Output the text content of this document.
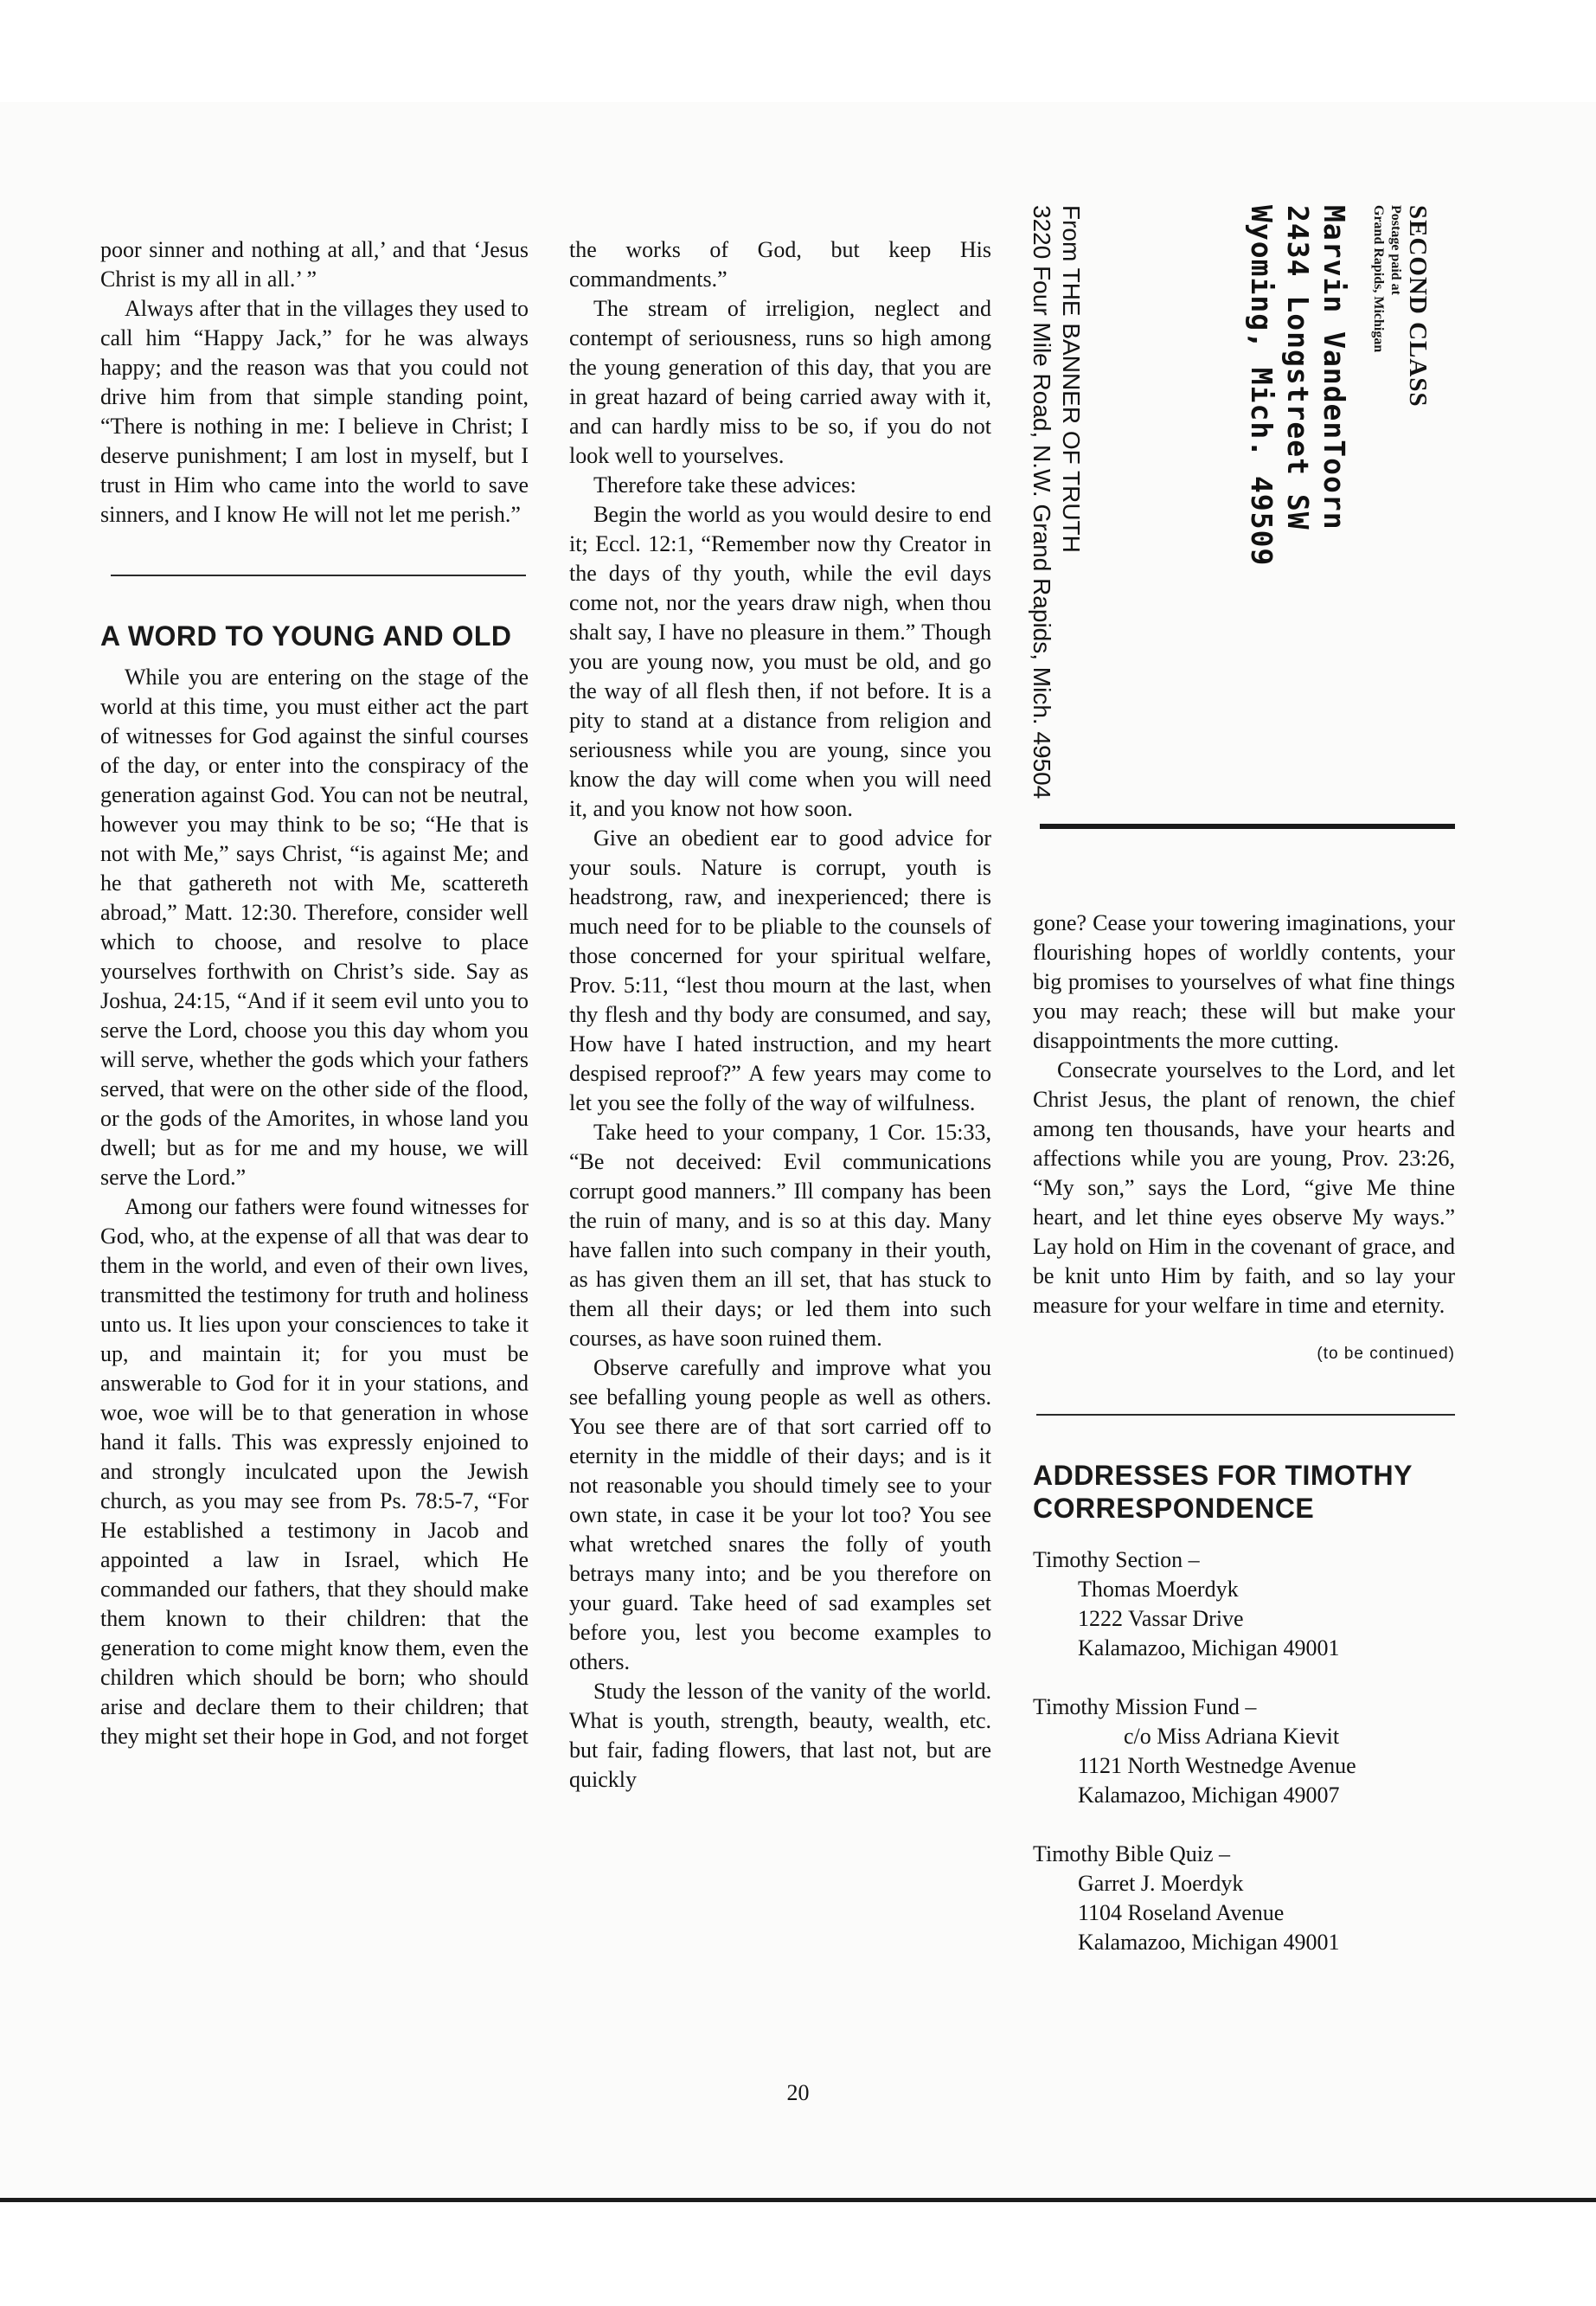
poor sinner and nothing at all,’ and that ‘Jesus Christ is my all in all.’ ”

Always after that in the villages they used to call him “Happy Jack,” for he was always happy; and the reason was that you could not drive him from that simple standing point, “There is nothing in me: I believe in Christ; I deserve punishment; I am lost in myself, but I trust in Him who came into the world to save sinners, and I know He will not let me perish.”

A WORD TO YOUNG AND OLD

While you are entering on the stage of the world at this time, you must either act the part of witnesses for God against the sinful courses of the day, or enter into the conspiracy of the generation against God. You can not be neutral, however you may think to be so; “He that is not with Me,” says Christ, “is against Me; and he that gathereth not with Me, scattereth abroad,” Matt. 12:30. Therefore, consider well which to choose, and resolve to place yourselves forthwith on Christ’s side. Say as Joshua, 24:15, “And if it seem evil unto you to serve the Lord, choose you this day whom you will serve, whether the gods which your fathers served, that were on the other side of the flood, or the gods of the Amorites, in whose land you dwell; but as for me and my house, we will serve the Lord.”

Among our fathers were found witnesses for God, who, at the expense of all that was dear to them in the world, and even of their own lives, transmitted the testimony for truth and holiness unto us. It lies upon your consciences to take it up, and maintain it; for you must be answerable to God for it in your stations, and woe, woe will be to that generation in whose hand it falls. This was expressly enjoined to and strongly inculcated upon the Jewish church, as you may see from Ps. 78:5-7, “For He established a testimony in Jacob and appointed a law in Israel, which He commanded our fathers, that they should make them known to their children: that the generation to come might know them, even the children which should be born; who should arise and declare them to their children; that they might set their hope in God, and not forget

the works of God, but keep His commandments.”

The stream of irreligion, neglect and contempt of seriousness, runs so high among the young generation of this day, that you are in great hazard of being carried away with it, and can hardly miss to be so, if you do not look well to yourselves.

Therefore take these advices:

Begin the world as you would desire to end it; Eccl. 12:1, “Remember now thy Creator in the days of thy youth, while the evil days come not, nor the years draw nigh, when thou shalt say, I have no pleasure in them.” Though you are young now, you must be old, and go the way of all flesh then, if not before. It is a pity to stand at a distance from religion and seriousness while you are young, since you know the day will come when you will need it, and you know not how soon.

Give an obedient ear to good advice for your souls. Nature is corrupt, youth is headstrong, raw, and inexperienced; there is much need for to be pliable to the counsels of those concerned for your spiritual welfare, Prov. 5:11, “lest thou mourn at the last, when thy flesh and thy body are consumed, and say, How have I hated instruction, and my heart despised reproof?” A few years may come to let you see the folly of the way of wilfulness.

Take heed to your company, 1 Cor. 15:33, “Be not deceived: Evil communications corrupt good manners.” Ill company has been the ruin of many, and is so at this day. Many have fallen into such company in their youth, as has given them an ill set, that has stuck to them all their days; or led them into such courses, as have soon ruined them.

Observe carefully and improve what you see befalling young people as well as others. You see there are of that sort carried off to eternity in the middle of their days; and is it not reasonable you should timely see to your own state, in case it be your lot too? You see what wretched snares the folly of youth betrays many into; and be you therefore on your guard. Take heed of sad examples set before you, lest you become examples to others.

Study the lesson of the vanity of the world. What is youth, strength, beauty, wealth, etc. but fair, fading flowers, that last not, but are quickly

SECOND CLASS
Postage paid at
Grand Rapids, Michigan
Marvin VandenToorn
2434 Longstreet SW
Wyoming, Mich. 49509
From THE BANNER OF TRUTH
3220 Four Mile Road, N.W. Grand Rapids, Mich. 49504

gone? Cease your towering imaginations, your flourishing hopes of worldly contents, your big promises to yourselves of what fine things you may reach; these will but make your disappointments the more cutting.

Consecrate yourselves to the Lord, and let Christ Jesus, the plant of renown, the chief among ten thousands, have your hearts and affections while you are young, Prov. 23:26, “My son,” says the Lord, “give Me thine heart, and let thine eyes observe My ways.” Lay hold on Him in the covenant of grace, and be knit unto Him by faith, and so lay your measure for your welfare in time and eternity.

(to be continued)

ADDRESSES FOR TIMOTHY CORRESPONDENCE
Timothy Section –
Thomas Moerdyk
1222 Vassar Drive
Kalamazoo, Michigan 49001
Timothy Mission Fund –
c/o Miss Adriana Kievit
1121 North Westnedge Avenue
Kalamazoo, Michigan 49007
Timothy Bible Quiz –
Garret J. Moerdyk
1104 Roseland Avenue
Kalamazoo, Michigan 49001
20
